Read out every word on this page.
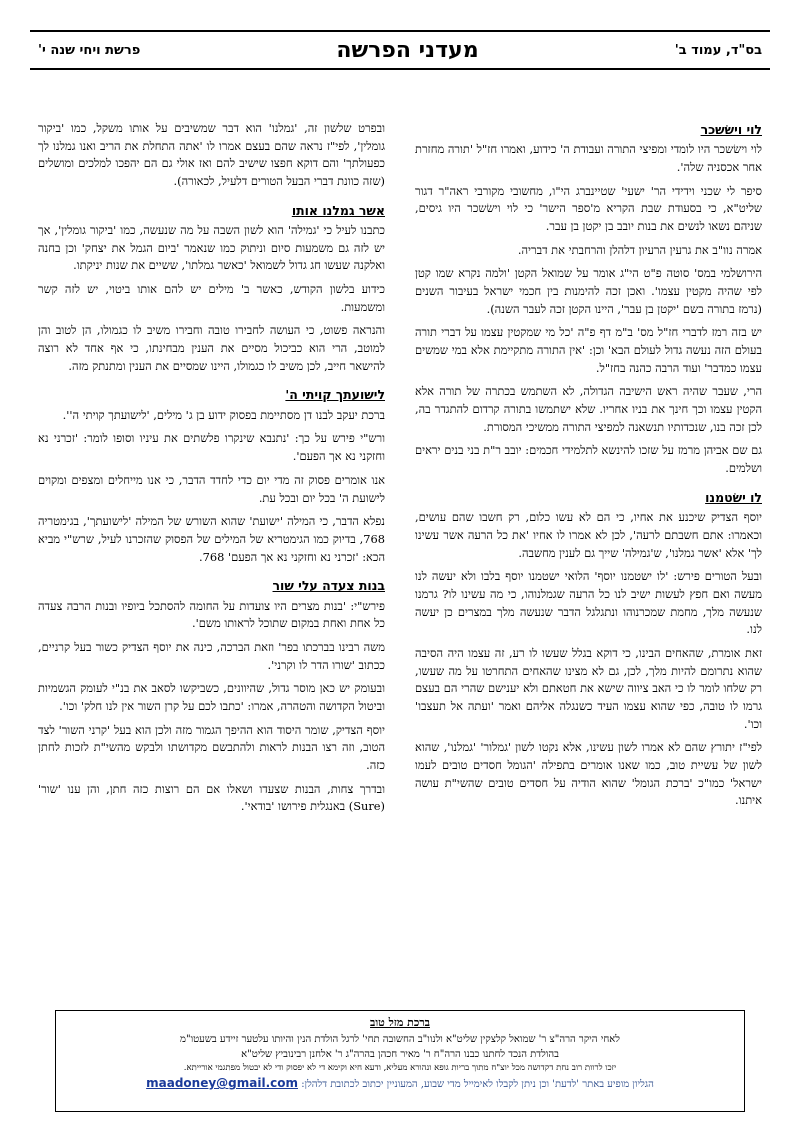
בס"ד, עמוד ב'
מעדני הפרשה
פרשת ויחי שנה י'
לוי וישׂשכר

לוי וישׂשכר היו לומדי ומפיצי התורה ועבודת ה' כידוע, ואמרו חז"ל 'תורה מחזרת אחר אכסניה שלה'.

סיפר לי שכני וידידי הר' ישעי' שטיינברג הי"ו, מחשובי מקורבי ראה"ר דגור שליט"א, כי בסעודת שבת הקריא מ'ספר הישר' כי לוי וישׂשכר היו גיסים, שניהם נשאו לנשים את בנות יובב בן יקטן בן עבר.

אמרה נוו"ב את גרעין הרעיון דלהלן והרחבתי את דבריה.

הירושלמי במס' סוטה פ"ט הי"ג אומר על שמואל הקטן 'ולמה נקרא שמו קטן לפי שהיה מקטין עצמו'. ואכן זכה להימנות בין חכמי ישראל בעיבור השנים (נרמז בתורה בשם 'יקטן בן עבר', היינו הקטן זכה לעבר השנה).

יש בזה רמז לדברי חז"ל מס' ב"מ דף פ"ה 'כל מי שמקטין עצמו על דברי תורה בעולם הזה נעשה גדול לעולם הבא' וכן: 'אין התורה מתקיימת אלא במי שמשים עצמו כמדבר' ועוד הרבה כהנה בחז"ל.

הרי, שעבר שהיה ראש הישיבה הגדולה, לא השתמש בכתרה של תורה אלא הקטין עצמו וכך חינך את בניו אחריו. שלא ישתמשו בתורה קרדום להתגדר בה, לכן זכה בנו, שנכדותיו תנשאנה למפיצי התורה ממשיכי המסורת.

גם שם אביהן מרמז על שזכו להינשא לתלמידי חכמים: יובב ר"ת בני בנים יראים ושלמים.

לו ישׂטמנו

יוסף הצדיק שיכנע את אחיו, כי הם לא עשו כלום, רק חשבו שהם עושים, וכאמרו: אתם חשבתם לרעה', לכן לא אמרו לו אחיו 'את כל הרעה אשר עשינו לך' אלא 'אשר גמלנו', ש'גמילה' שייך גם לענין מחשבה.

ובעל הטורים פירש: 'לו ישטמנו יוסף' הלואי ישטמנו יוסף בלבו ולא יעשה לנו מעשה ואם חפץ לעשות ישיב לנו כל הרעה שגמלנוהו, כי מה עשינו לו? גרמנו שנעשה מלך, מחמת שמכרנוהו ונתגלגל הדבר שנעשה מלך במצרים כן יעשה לנו.

זאת אומרת, שהאחים הבינו, כי דוקא בגלל שעשו לו רע, זה עצמו היה הסיבה שהוא נתרומם להיות מלך, לכן, גם לא מצינו שהאחים התחרטו על מה שעשו, רק שלחו לומר לו כי האב ציווה שישא את חטאתם ולא יענישם שהרי הם בעצם גרמו לו טובה, כפי שהוא עצמו העיד כשנגלה אליהם ואמר 'ועתה אל תעצבו' וכו'.

לפי"ז יתורץ שהם לא אמרו לשון עשינו, אלא נקטו לשון 'גמלור' 'גמלנו', שהוא לשון של עשיית טוב, כמו שאנו אומרים בתפילה 'הגומל חסדים טובים לעמו ישראל' כמו"כ 'ברכת הגומל' שהוא הודיה על חסדים טובים שהשי"ת עושה איתנו.

ובפרט שלשון זה, 'גמלנו' הוא דבר שמשיבים על אותו משקל, כמו 'ביקור גומלין', לפי"ז נראה שהם בעצם אמרו לו 'אתה התחלת את הריב ואנו גמלנו לך כפעולתך' והם דוקא חפצו שישיב להם ואז אולי גם הם יהפכו למלכים ומושלים (שזה כוונת דברי הבעל הטורים דלעיל, לכאורה).

אשר גמלנו אותו

כתבנו לעיל כי 'גמילה' הוא לשון השבה על מה שנעשה, כמו 'ביקור גומלין', אך יש לזה גם משמעות סיום וניתוק כמו שנאמר 'ביום הגמל את יצחק' וכן בחנה ואלקנה שעשו חג גדול לשמואל 'כאשר גמלתו', ששיים את שנות יניקתו.

כידוע בלשון הקודש, כאשר ב' מילים יש להם אותו ביטוי, יש לזה קשר ומשמעות.

והנראה פשוט, כי העושה לחבירו טובה וחבירו משיב לו כגמולו, הן לטוב והן למוטב, הרי הוא כביכול מסיים את הענין מבחינתו, כי אף אחד לא רוצה להישאר חייב, לכן משיב לו כגמולו, היינו שמסיים את הענין ומתנתק מזה.

לישועתך קויתי ה'

ברכת יעקב לבנו דן מסתיימת בפסוק ידוע בן ג' מילים, 'לישועתך קויתי ה''.

ורש"י פירש על כך: 'נתנבא שינקרו פלשתים את עיניו וסופו לומר: 'זכרני נא וחזקני נא אך הפעם'.

אנו אומרים פסוק זה מדי יום כדי לחדד הדבר, כי אנו מייחלים ומצפים ומקוים לישועת ה' בכל יום ובכל עת.

נפלא הדבר, כי המילה 'ישועת' שהוא השורש של המילה 'לישועתך', בגימטריה 768, בדיוק כמו הגימטריא של המילים של הפסוק שהזכרנו לעיל, שרש"י מביא הכא: 'זכרני נא וחזקני נא אך הפעם' 768.

בנות צעדה עלי שור

פירש"י: 'בנות מצרים היו צועדות על החומה להסתכל ביופיו ובנות הרבה צעדה כל אחת ואחת במקום שתוכל לראותו משם'.

משה רבינו בברכתו בפר' וזאת הברכה, כינה את יוסף הצדיק כשור בעל קרניים, ככתוב 'שורו הדר לו וקרני'.

ובעומק יש כאן מוסר גדול, שהיוונים, כשביקשו לסאב את בנ"י לעומק הגשמיות וביטול הקדושה והטהרה, אמרו: 'כתבו לכם על קרן השור אין לנו חלק' וכו'.

יוסף הצדיק, שומר היסוד הוא ההיפך הגמור מזה ולכן הוא בעל 'קרני השור' לצד הטוב, וזה רצו הבנות לראות ולהתבשם מקדושתו ולבקש מהשי"ת לזכות לחתן כזה.

ובדרך צחות, הבנות שצעדו ושאלו אם הם רוצות כזה חתן, והן ענו 'שור' (Sure) באנגלית פירושו 'בודאי'.

ברכת מזל טוב
לאחי היקר הרה"צ ר' שמואל קלצקין שליט"א ולנוו"ב החשובה תחי' לרגל הולדת הנין והיותו עלטער זיידע בשעטו"מ
בהולדת הנכד לחתנו כבנו הרה"ח ר' מאיר חכהן בהרה"ג ר' אלחנן רבינוביץ שליט"א
יזכו לרוות רוב נחת דקדושה מכל יוצ"ח מתוך בריות גופא ונהורא מעליא, ודעא חיא וקימא די לא יפסוק ודי לא יבטול מפתגמי אורייתא.
הגליון מופיע באתר 'לדעת' וכן ניתן לקבלו לאימייל מדי שבוע, המעוניין יכתוב לכתובת דלהלן: maadoney@gmail.com
